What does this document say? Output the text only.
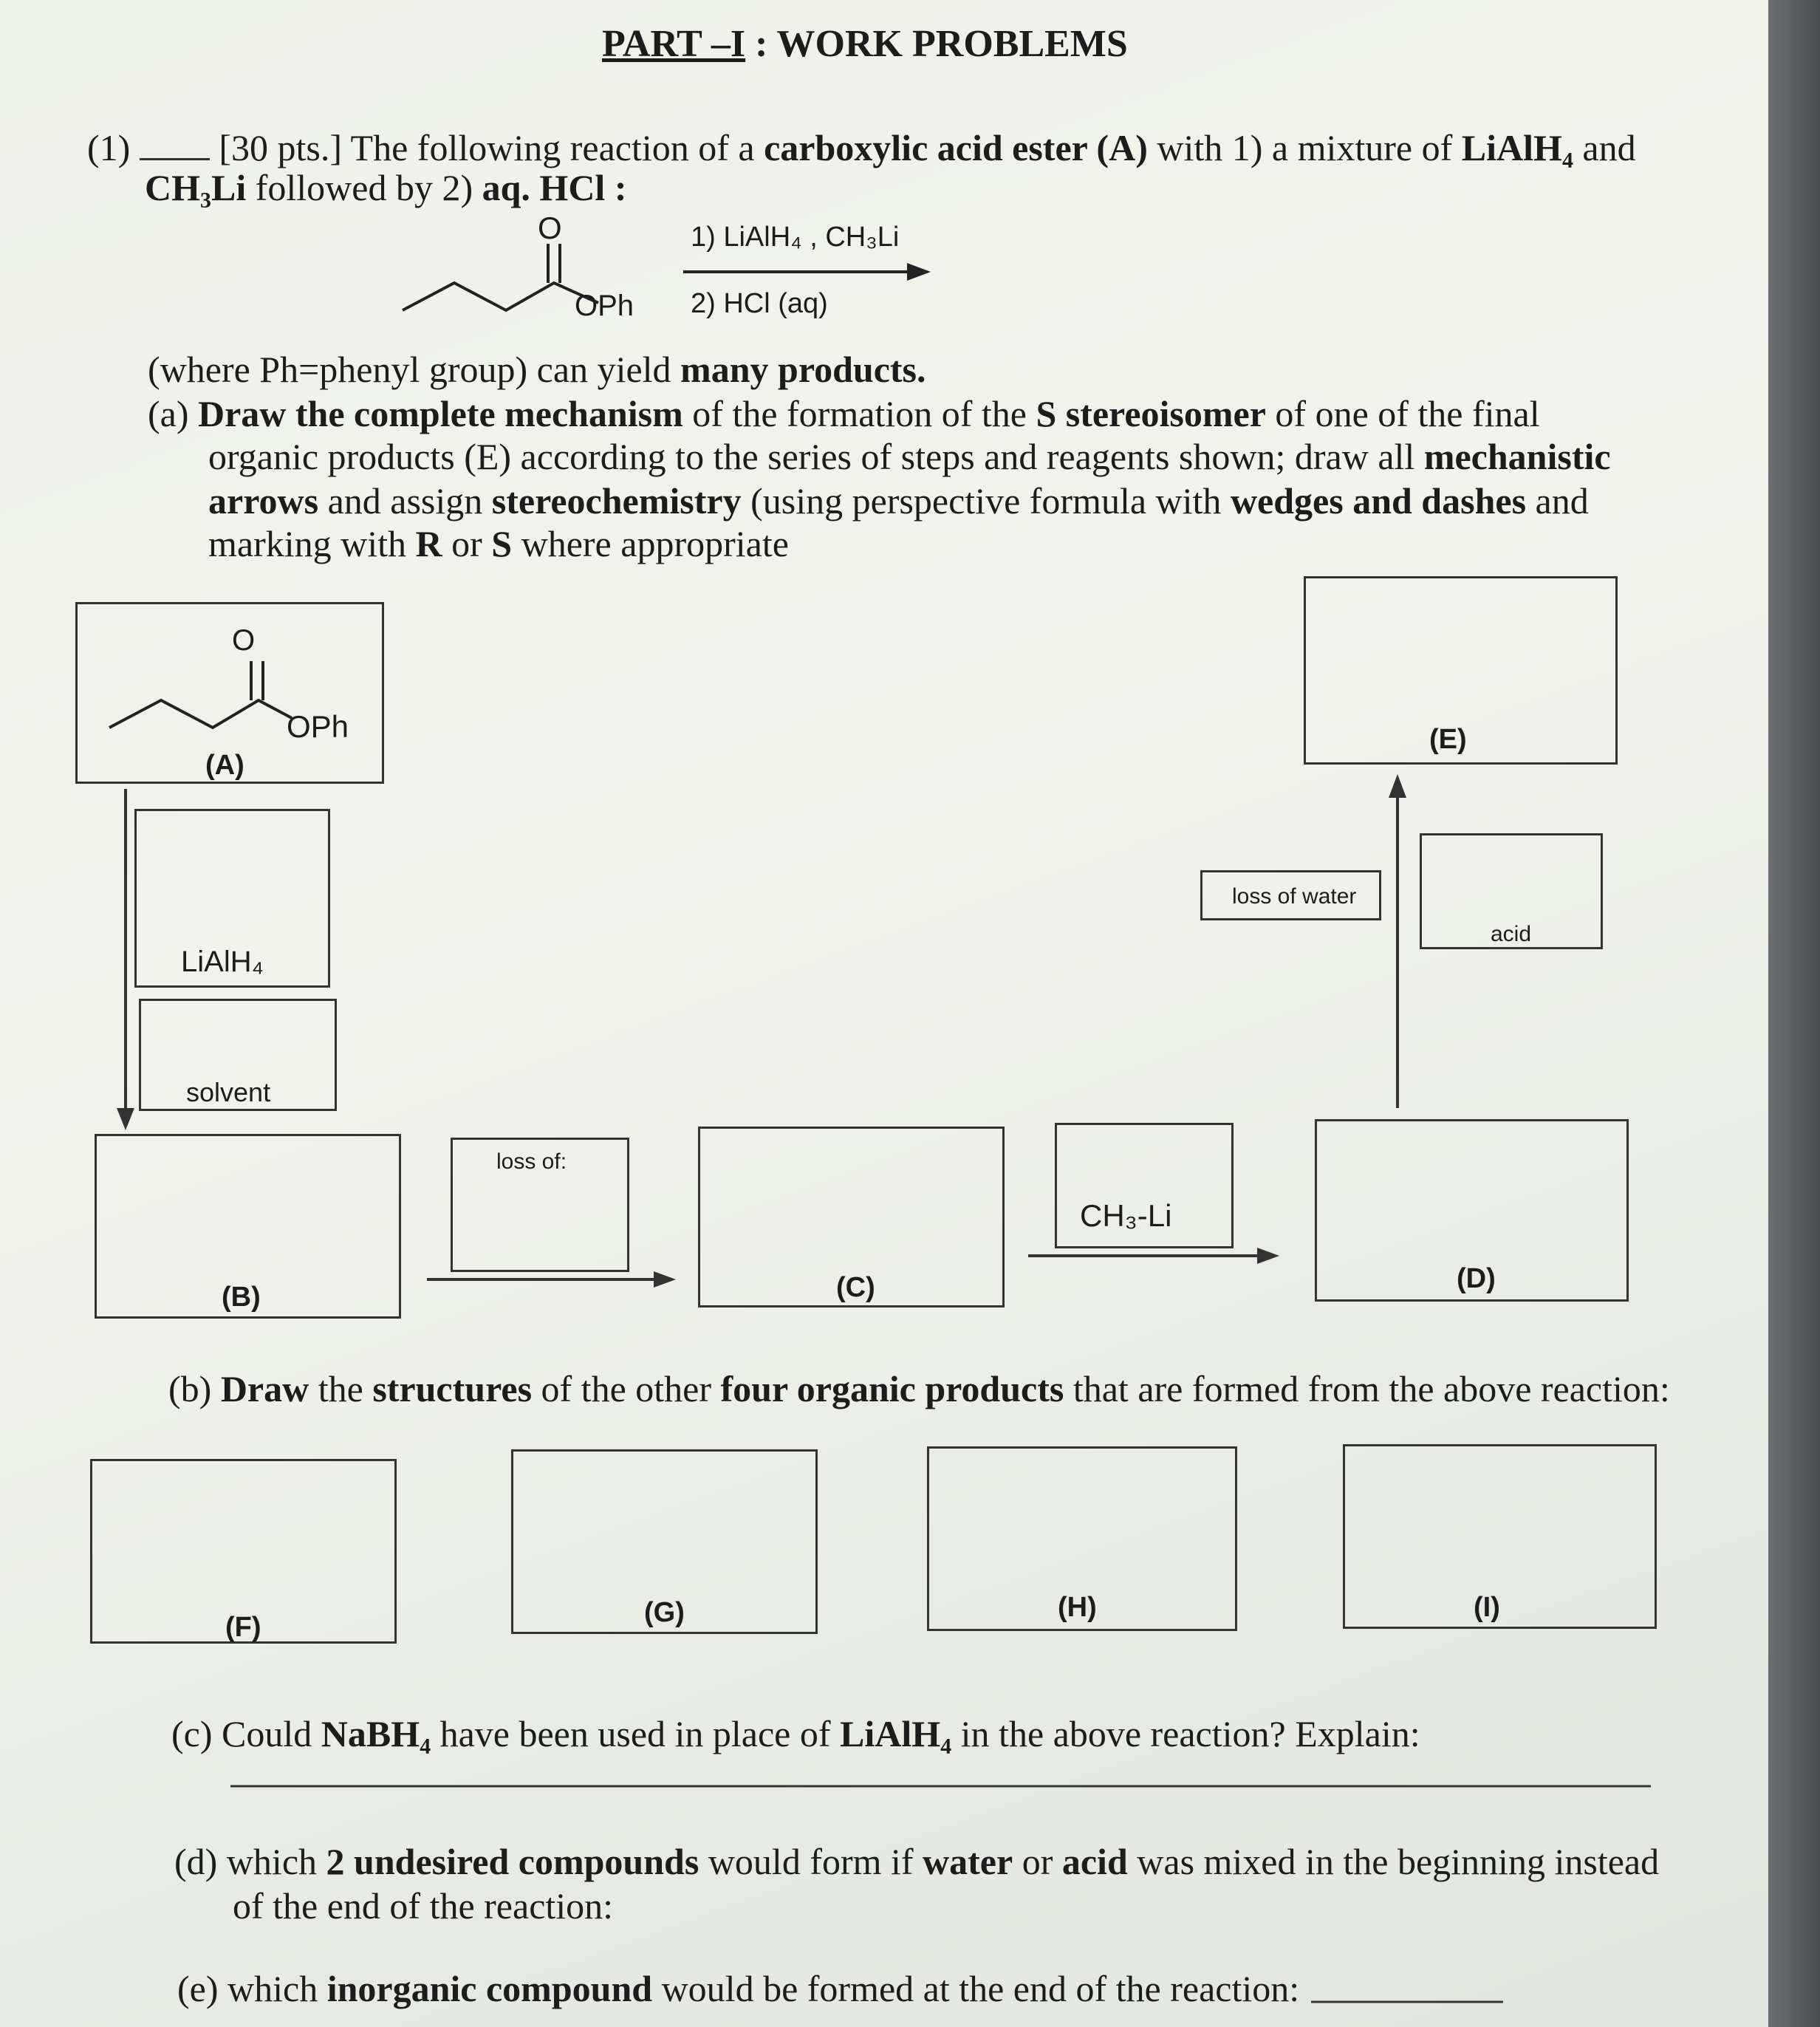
PART –I : WORK PROBLEMS
(1)  [30 pts.] The following reaction of a carboxylic acid ester (A) with 1) a mixture of LiAlH₄ and
CH₃Li followed by 2) aq. HCl :
O
OPh
1) LiAlH₄ , CH₃Li
2) HCl (aq)
(where Ph=phenyl group) can yield many products.
(a) Draw the complete mechanism of the formation of the S stereoisomer of one of the final
organic products (E) according to the series of steps and reagents shown; draw all mechanistic
arrows and assign stereochemistry (using perspective formula with wedges and dashes and
marking with R or S where appropriate
O
OPh
(A)
LiAlH₄
solvent
(B)
loss of:
(C)
CH₃-Li
(D)
loss of water
acid
(E)
(b) Draw the structures of the other four organic products that are formed from the above reaction:
(F)	(G)	(H)	(I)
(c) Could NaBH₄ have been used in place of LiAlH₄ in the above reaction? Explain:
(d) which 2 undesired compounds would form if water or acid was mixed in the beginning instead
of the end of the reaction:
(e) which inorganic compound would be formed at the end of the reaction:
